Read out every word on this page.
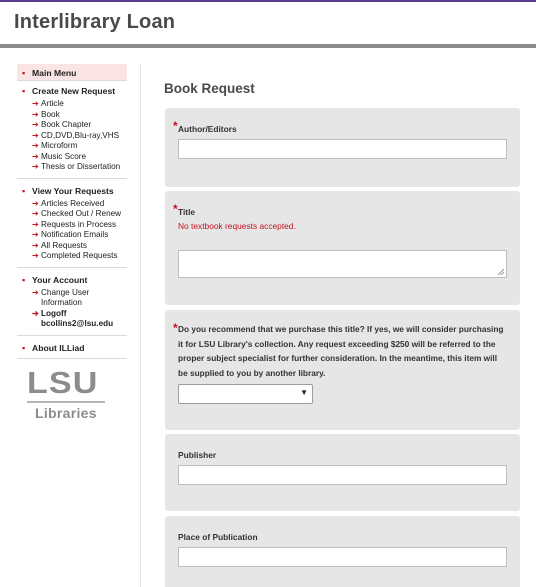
Interlibrary Loan
▪ Main Menu
▪ Create New Request
➔ Article
➔ Book
➔ Book Chapter
➔ CD,DVD,Blu-ray,VHS
➔ Microform
➔ Music Score
➔ Thesis or Dissertation
▪ View Your Requests
➔ Articles Received
➔ Checked Out / Renew
➔ Requests in Process
➔ Notification Emails
➔ All Requests
➔ Completed Requests
▪ Your Account
➔ Change User Information
➔ Logoff bcollins2@lsu.edu
▪ About ILLiad
LSU
Libraries
Book Request
* Author/Editors
* Title
No textbook requests accepted.
* Do you recommend that we purchase this title? If yes, we will consider purchasing it for LSU Library's collection. Any request exceeding $250 will be referred to the proper subject specialist for further consideration. In the meantime, this item will be supplied to you by another library.
▼
Publisher
Place of Publication
